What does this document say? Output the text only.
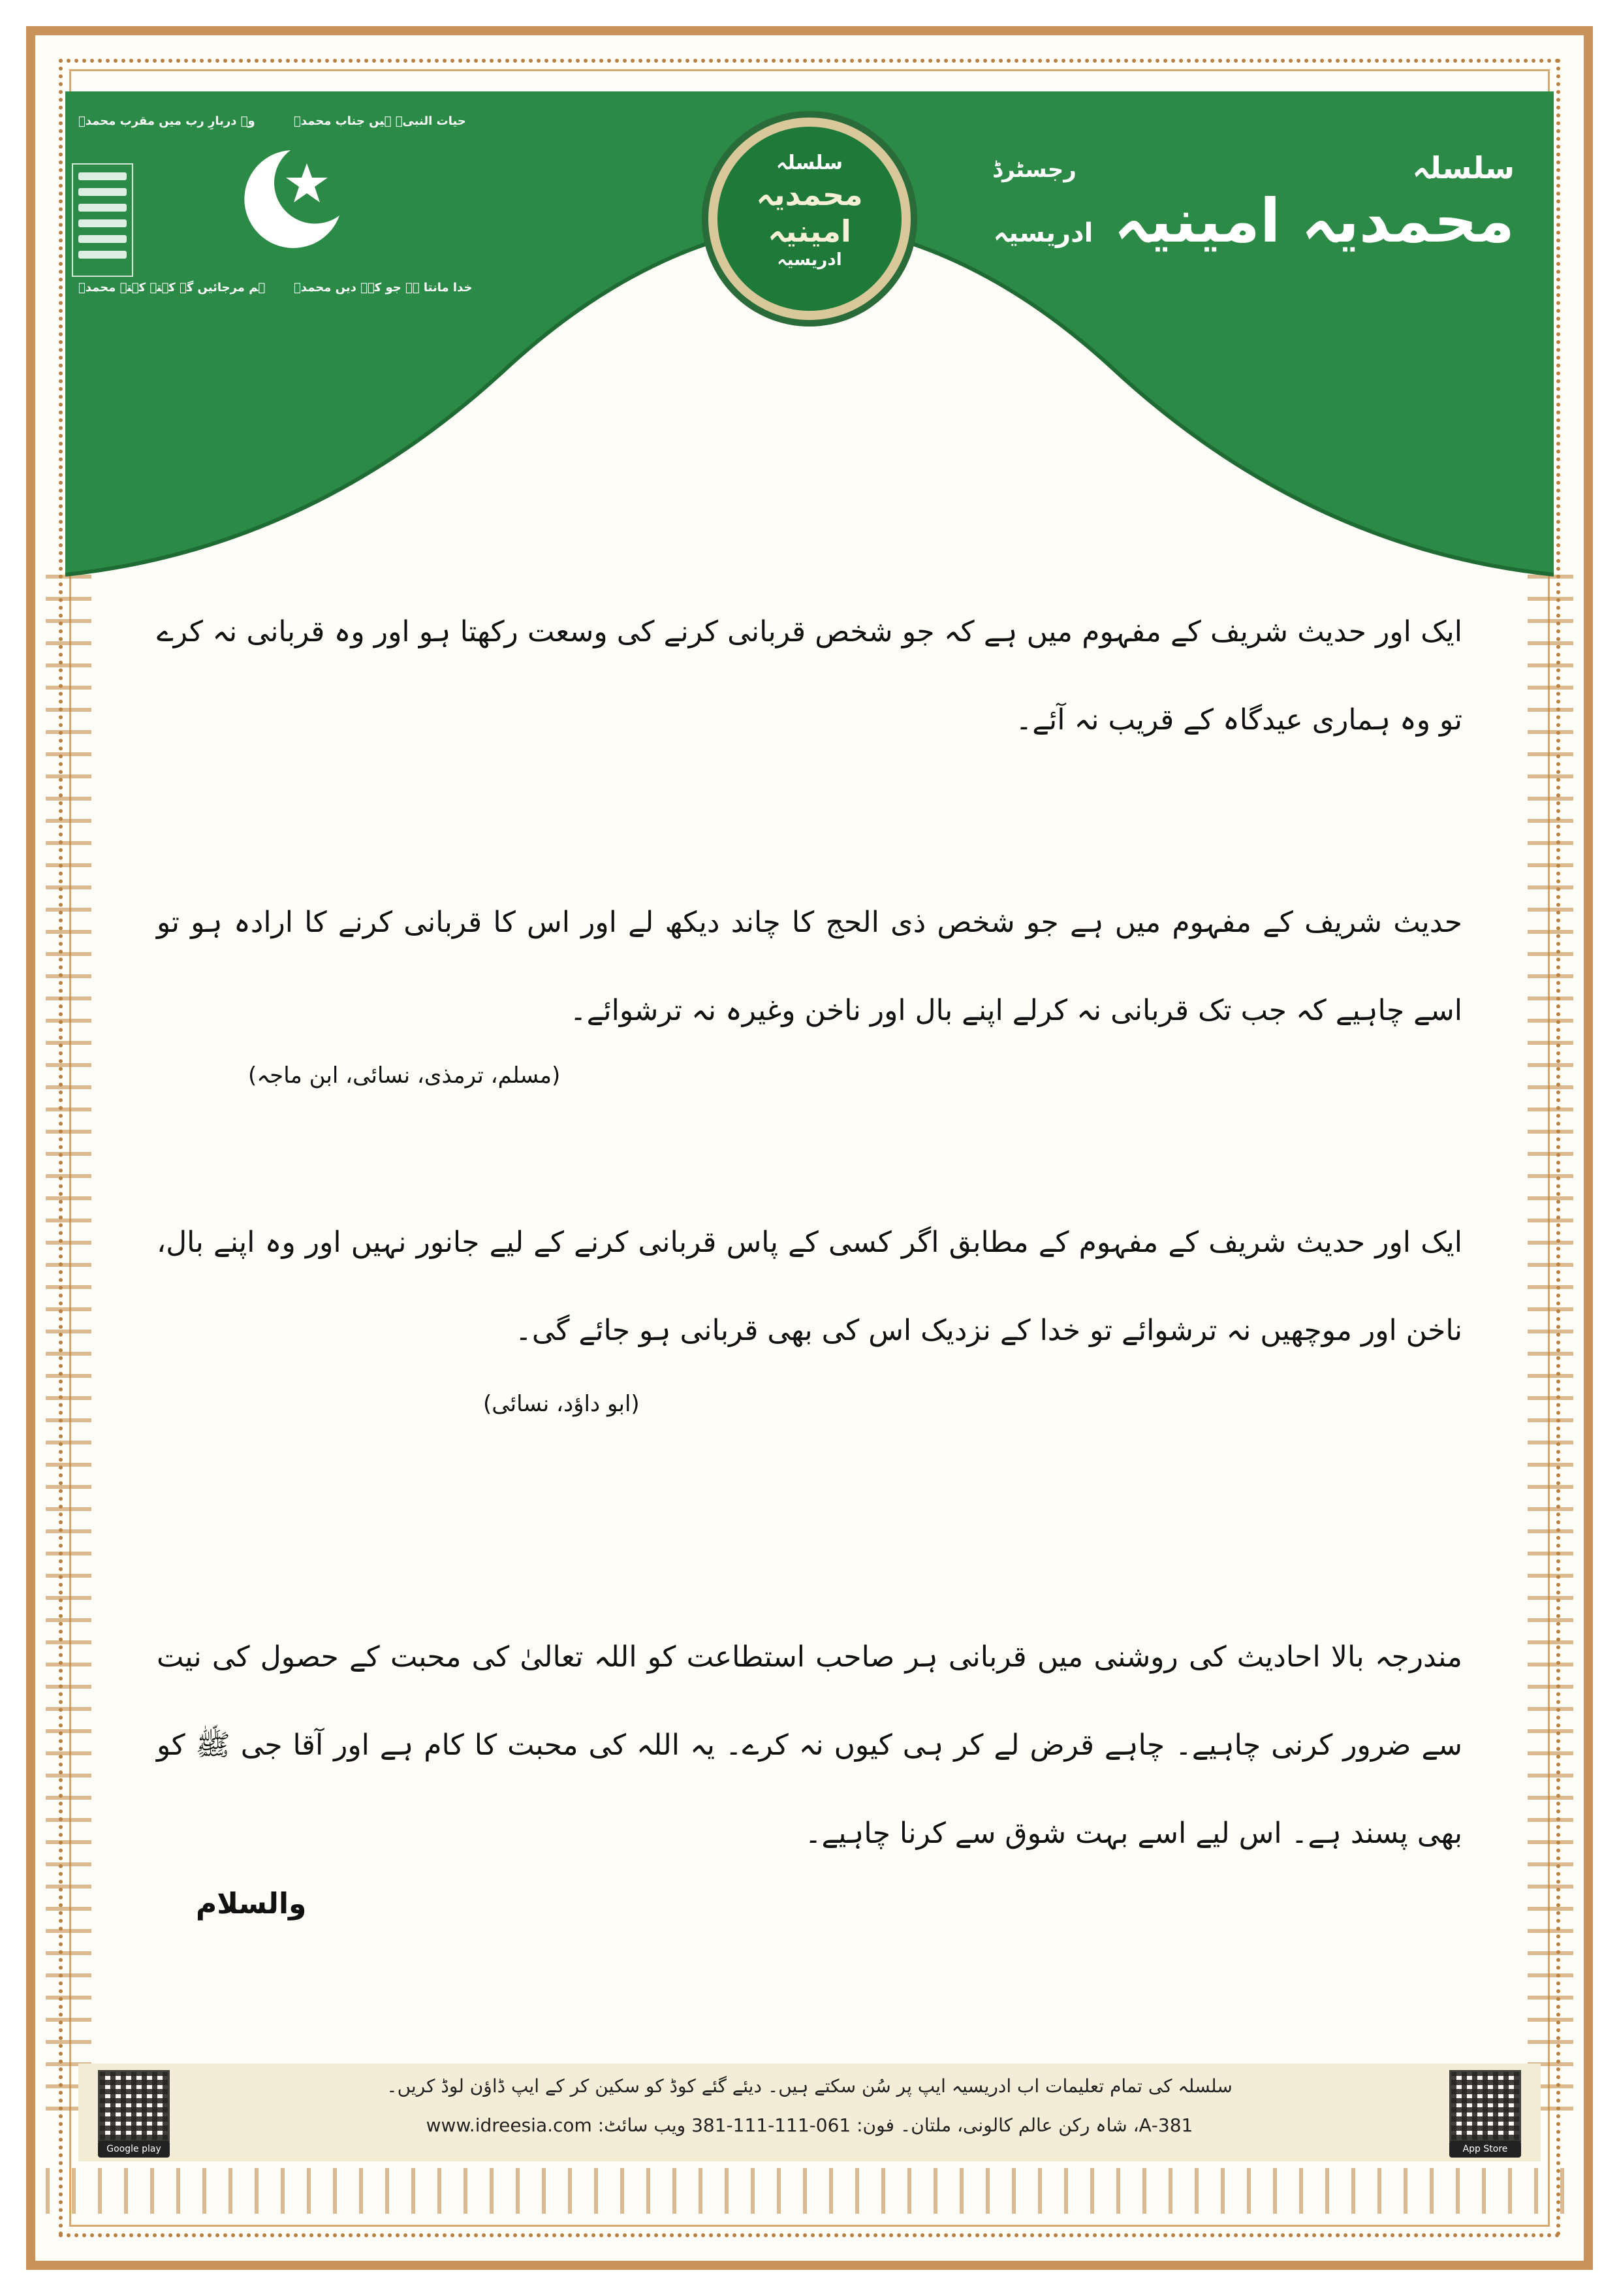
وہ دربارِ رب میں مقرب محمدؐ	حیات النبیؐ ہیں جناب محمدؐ
ہم مرجائیں گے کہتے کہتے محمدؐ خدا مانتا ہے جو کہہ دیں محمدؐ
سلسلہ
محمدیہ
امینیہ
ادریسیہ
سلسلہ
محمدیہ امینیہ ادریسیہ
رجسٹرڈ

ایک اور حدیث شریف کے مفہوم میں ہے کہ جو شخص قربانی کرنے کی وسعت رکھتا ہو اور وہ قربانی نہ کرے تو وہ ہماری عیدگاہ کے قریب نہ آئے۔

حدیث شریف کے مفہوم میں ہے جو شخص ذی الحج کا چاند دیکھ لے اور اس کا قربانی کرنے کا ارادہ ہو تو اسے چاہیے کہ جب تک قربانی نہ کرلے اپنے بال اور ناخن وغیرہ نہ ترشوائے۔

(مسلم، ترمذی، نسائی، ابن ماجہ)

ایک اور حدیث شریف کے مفہوم کے مطابق اگر کسی کے پاس قربانی کرنے کے لیے جانور نہیں اور وہ اپنے بال، ناخن اور موچھیں نہ ترشوائے تو خدا کے نزدیک اس کی بھی قربانی ہو جائے گی۔

(ابو داؤد، نسائی)

مندرجہ بالا احادیث کی روشنی میں قربانی ہر صاحب استطاعت کو اللہ تعالیٰ کی محبت کے حصول کی نیت سے ضرور کرنی چاہیے۔ چاہے قرض لے کر ہی کیوں نہ کرے۔ یہ اللہ کی محبت کا کام ہے اور آقا جی ﷺ کو بھی پسند ہے۔ اس لیے اسے بہت شوق سے کرنا چاہیے۔

والسلام
Google play
سلسلہ کی تمام تعلیمات اب ادریسیہ ایپ پر سُن سکتے ہیں۔ دیئے گئے کوڈ کو سکین کر کے ایپ ڈاؤن لوڈ کریں۔
381-A، شاہ رکن عالم کالونی، ملتان۔ فون: 061-111-111-381 ویب سائٹ: www.idreesia.com
App Store
